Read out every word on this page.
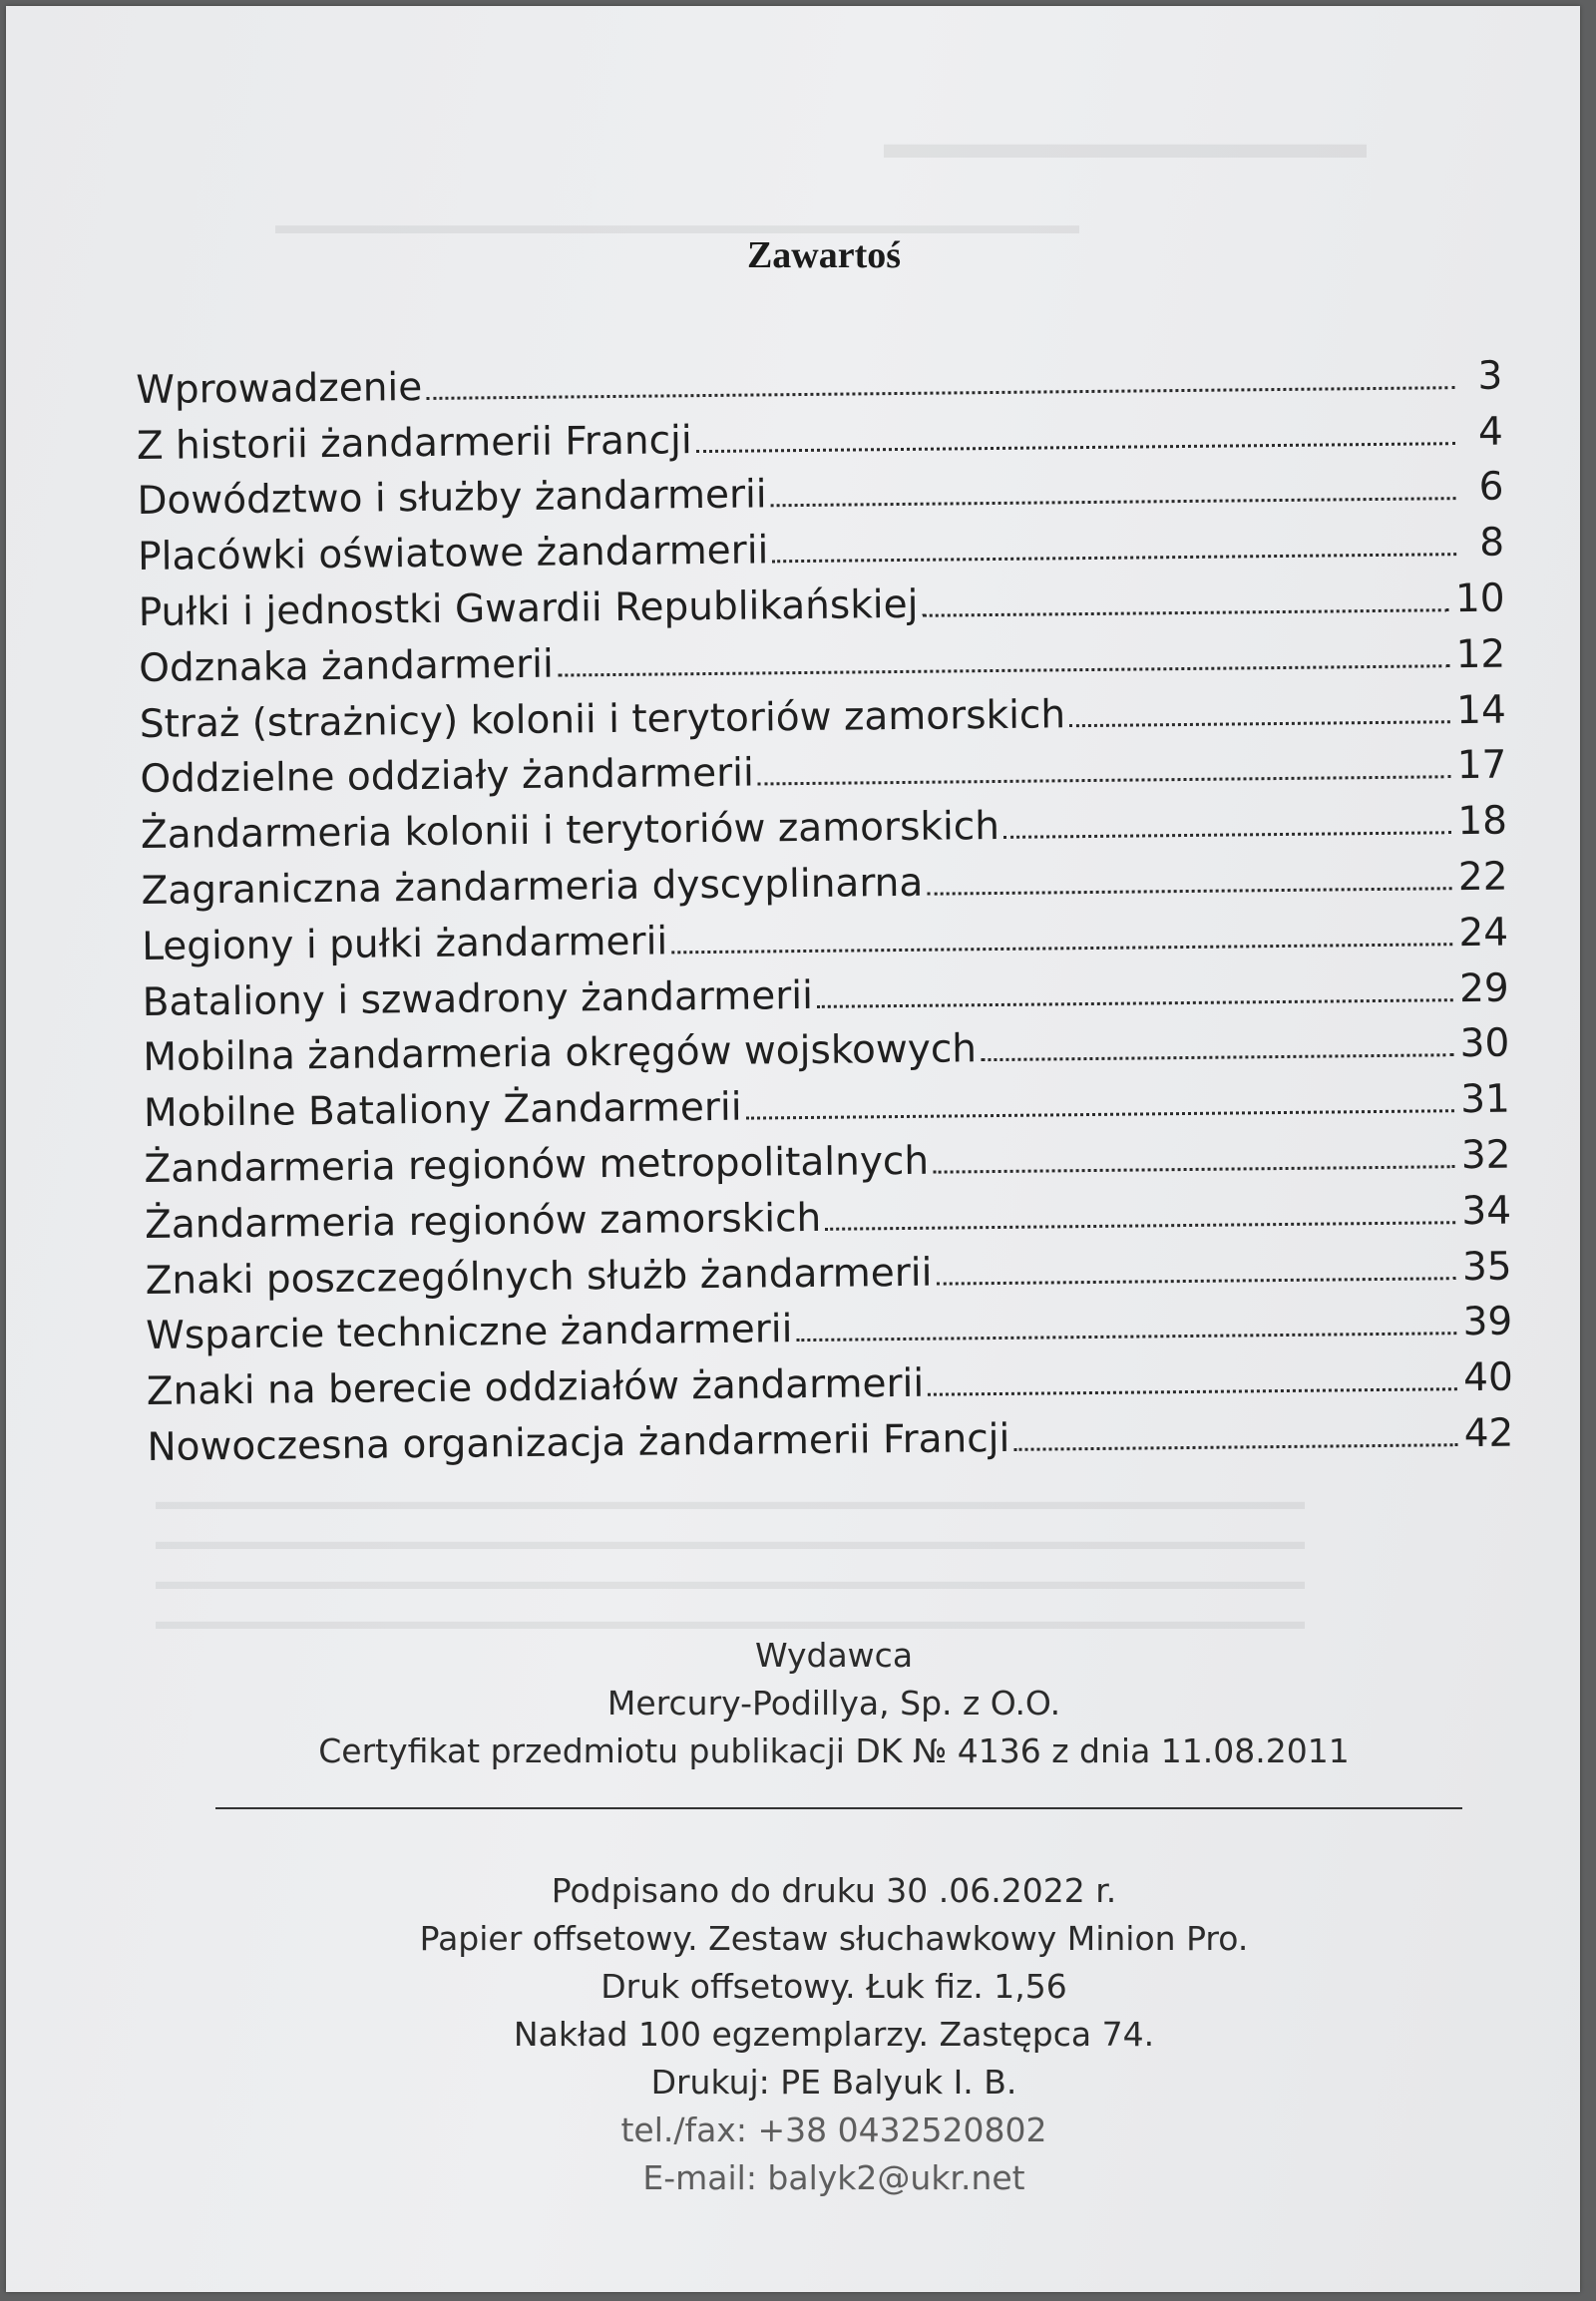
▬▬▬▬▬▬▬▬▬▬▬
▬▬▬▬▬▬▬▬▬▬▬▬▬▬▬▬▬▬▬▬▬▬▬▬▬▬▬▬▬▬▬
▬▬▬▬▬▬▬▬▬▬▬▬▬▬▬▬▬▬▬▬▬▬▬▬▬▬▬▬▬▬▬▬▬▬▬▬▬▬▬▬▬▬▬▬▬▬▬▬
▬▬▬▬▬▬▬▬▬▬▬▬▬▬▬▬▬▬▬▬▬▬▬▬▬▬▬▬▬▬▬▬▬▬▬▬▬▬▬▬▬▬▬▬▬▬▬▬
▬▬▬▬▬▬▬▬▬▬▬▬▬▬▬▬▬▬▬▬▬▬▬▬▬▬▬▬▬▬▬▬▬▬▬▬▬▬▬▬▬▬▬▬▬▬▬▬
▬▬▬▬▬▬▬▬▬▬▬▬▬▬▬▬▬▬▬▬▬▬▬▬▬▬▬▬▬▬▬▬▬▬▬▬▬▬▬▬▬▬▬▬▬▬▬▬
Zawartoś
Wprowadzenie	3
Z historii żandarmerii Francji	4
Dowództwo i służby żandarmerii	6
Placówki oświatowe żandarmerii	8
Pułki i jednostki Gwardii Republikańskiej	10
Odznaka żandarmerii	12
Straż (strażnicy) kolonii i terytoriów zamorskich	14
Oddzielne oddziały żandarmerii	17
Żandarmeria kolonii i terytoriów zamorskich	18
Zagraniczna żandarmeria dyscyplinarna	22
Legiony i pułki żandarmerii	24
Bataliony i szwadrony żandarmerii	29
Mobilna żandarmeria okręgów wojskowych	30
Mobilne Bataliony Żandarmerii	31
Żandarmeria regionów metropolitalnych	32
Żandarmeria regionów zamorskich	34
Znaki poszczególnych służb żandarmerii	35
Wsparcie techniczne żandarmerii	39
Znaki na berecie oddziałów żandarmerii	40
Nowoczesna organizacja żandarmerii Francji	42
Wydawca
Mercury-Podillya, Sp. z O.O.
Certyfikat przedmiotu publikacji DK № 4136 z dnia 11.08.2011
Podpisano do druku 30 .06.2022 r.
Papier offsetowy. Zestaw słuchawkowy Minion Pro.
Druk offsetowy. Łuk fiz. 1,56
Nakład 100 egzemplarzy. Zastępca 74.
Drukuj: PE Balyuk I. B.
tel./fax: +38 0432520802
E-mail: balyk2@ukr.net
